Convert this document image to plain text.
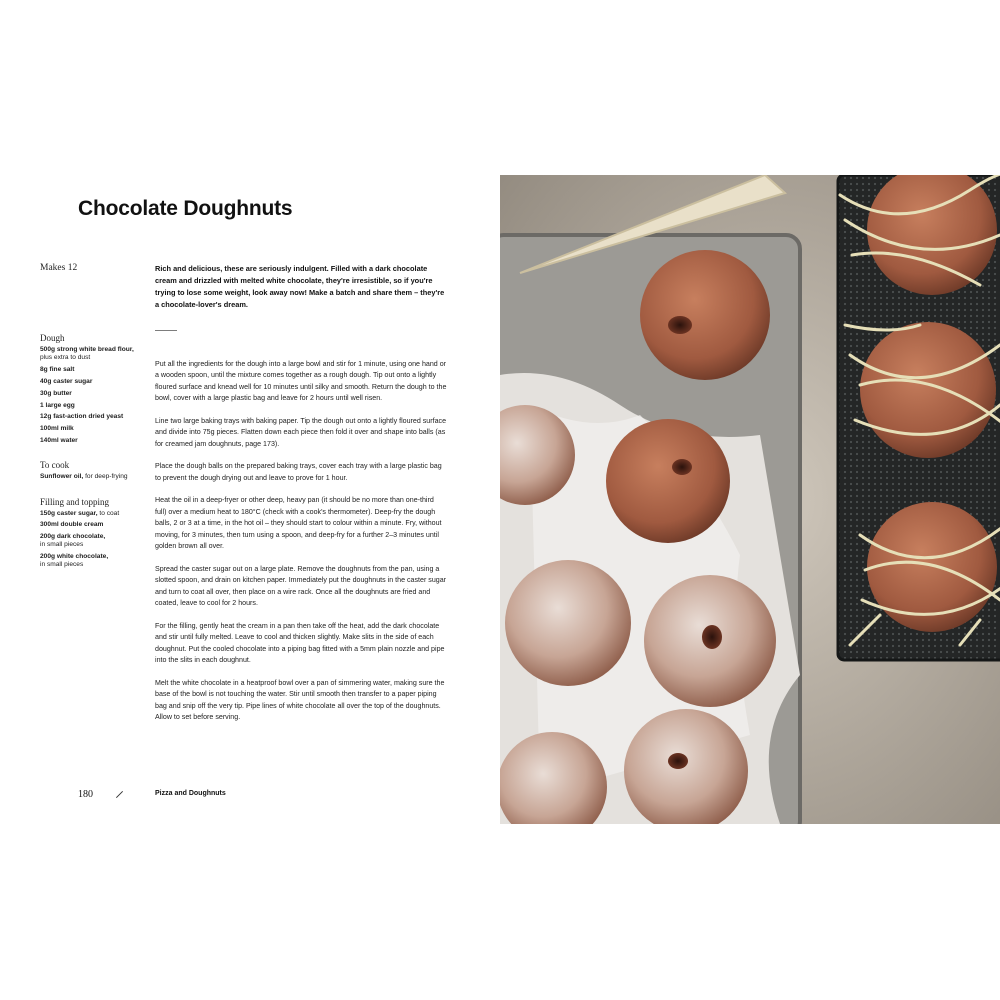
Chocolate Doughnuts

Makes 12

Dough

500g strong white bread flour,
plus extra to dust

8g fine salt

40g caster sugar

30g butter

1 large egg

12g fast-action dried yeast

100ml milk

140ml water

To cook

Sunflower oil, for deep-frying

Filling and topping

150g caster sugar, to coat

300ml double cream

200g dark chocolate,
in small pieces

200g white chocolate,
in small pieces

Rich and delicious, these are seriously indulgent. Filled with a dark chocolate cream and drizzled with melted white chocolate, they're irresistible, so if you're trying to lose some weight, look away now! Make a batch and share them – they're a chocolate-lover's dream.

Put all the ingredients for the dough into a large bowl and stir for 1 minute, using one hand or a wooden spoon, until the mixture comes together as a rough dough. Tip out onto a lightly floured surface and knead well for 10 minutes until silky and smooth. Return the dough to the bowl, cover with a large plastic bag and leave for 2 hours until well risen.

Line two large baking trays with baking paper. Tip the dough out onto a lightly floured surface and divide into 75g pieces. Flatten down each piece then fold it over and shape into balls (as for creamed jam doughnuts, page 173).

Place the dough balls on the prepared baking trays, cover each tray with a large plastic bag to prevent the dough drying out and leave to prove for 1 hour.

Heat the oil in a deep-fryer or other deep, heavy pan (it should be no more than one-third full) over a medium heat to 180°C (check with a cook's thermometer). Deep-fry the dough balls, 2 or 3 at a time, in the hot oil – they should start to colour within a minute. Fry, without moving, for 3 minutes, then turn using a spoon, and deep-fry for a further 2–3 minutes until golden brown all over.

Spread the caster sugar out on a large plate. Remove the doughnuts from the pan, using a slotted spoon, and drain on kitchen paper. Immediately put the doughnuts in the caster sugar and turn to coat all over, then place on a wire rack. Once all the doughnuts are fried and coated, leave to cool for 2 hours.

For the filling, gently heat the cream in a pan then take off the heat, add the dark chocolate and stir until fully melted. Leave to cool and thicken slightly. Make slits in the side of each doughnut. Put the cooled chocolate into a piping bag fitted with a 5mm plain nozzle and pipe into the slits in each doughnut.

Melt the white chocolate in a heatproof bowl over a pan of simmering water, making sure the base of the bowl is not touching the water. Stir until smooth then transfer to a paper piping bag and snip off the very tip. Pipe lines of white chocolate all over the top of the doughnuts. Allow to set before serving.

180	Pizza and Doughnuts
